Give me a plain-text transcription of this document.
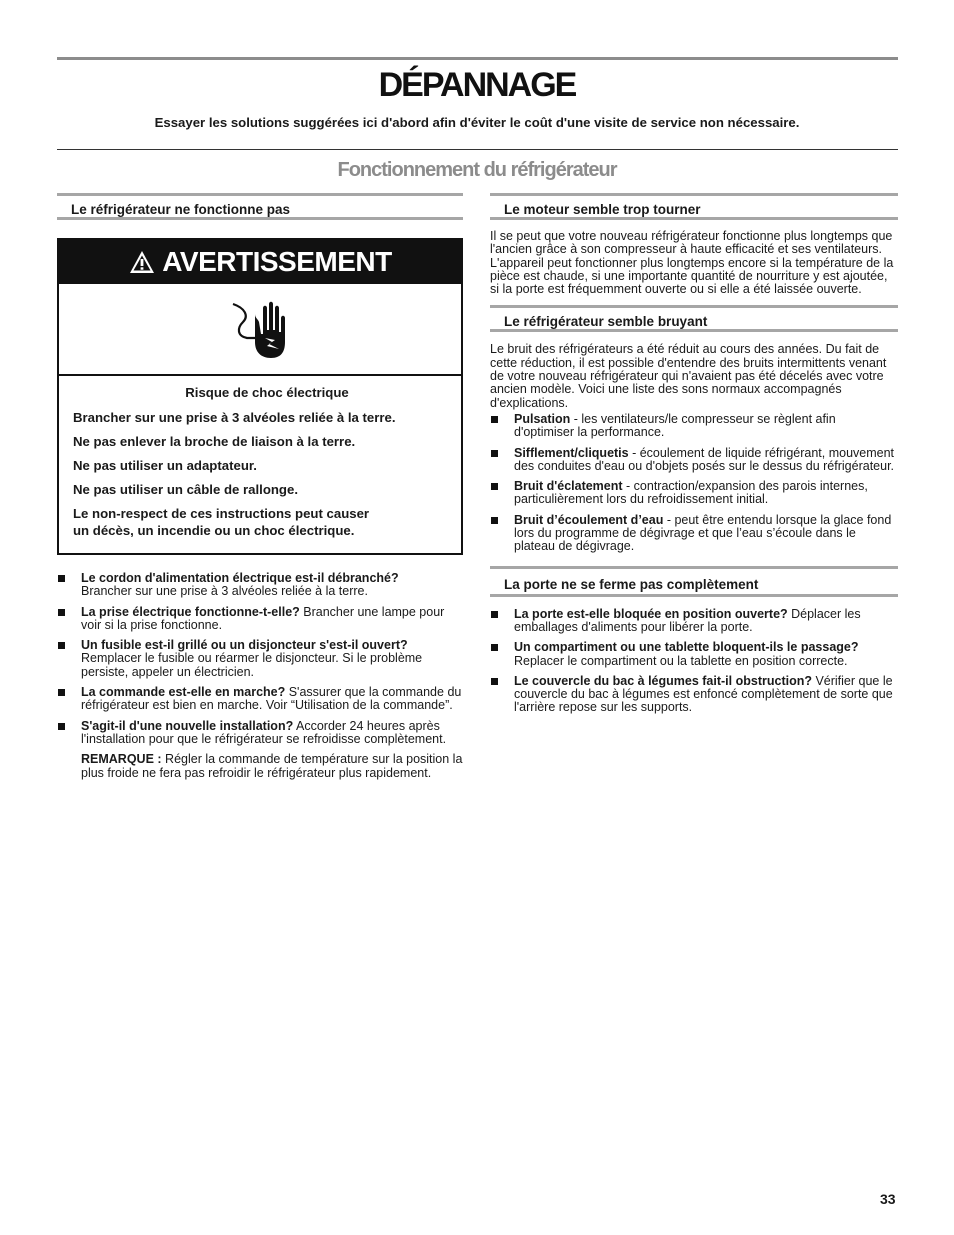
DÉPANNAGE
Essayer les solutions suggérées ici d'abord afin d'éviter le coût d'une visite de service non nécessaire.
Fonctionnement du réfrigérateur
Le réfrigérateur ne fonctionne pas
AVERTISSEMENT
Risque de choc électrique

Brancher sur une prise à 3 alvéoles reliée à la terre.

Ne pas enlever la broche de liaison à la terre.

Ne pas utiliser un adaptateur.

Ne pas utiliser un câble de rallonge.

Le non-respect de ces instructions peut causer
un décès, un incendie ou un choc électrique.

Le cordon d'alimentation électrique est-il débranché?
Brancher sur une prise à 3 alvéoles reliée à la terre.
La prise électrique fonctionne-t-elle? Brancher une lampe pour voir si la prise fonctionne.
Un fusible est-il grillé ou un disjoncteur s'est-il ouvert?
Remplacer le fusible ou réarmer le disjoncteur. Si le problème persiste, appeler un électricien.
La commande est-elle en marche? S'assurer que la commande du réfrigérateur est bien en marche. Voir “Utilisation de la commande”.
S'agit-il d'une nouvelle installation? Accorder 24 heures après l'installation pour que le réfrigérateur se refroidisse complètement.
REMARQUE : Régler la commande de température sur la position la plus froide ne fera pas refroidir le réfrigérateur plus rapidement.
Le moteur semble trop tourner
Il se peut que votre nouveau réfrigérateur fonctionne plus longtemps que l'ancien grâce à son compresseur à haute efficacité et ses ventilateurs. L'appareil peut fonctionner plus longtemps encore si la température de la pièce est chaude, si une importante quantité de nourriture y est ajoutée, si la porte est fréquemment ouverte ou si elle a été laissée ouverte.
Le réfrigérateur semble bruyant
Le bruit des réfrigérateurs a été réduit au cours des années. Du fait de cette réduction, il est possible d'entendre des bruits intermittents venant de votre nouveau réfrigérateur qui n'avaient pas été décelés avec votre ancien modèle. Voici une liste des sons normaux accompagnés d'explications.
Pulsation - les ventilateurs/le compresseur se règlent afin d'optimiser la performance.
Sifflement/cliquetis - écoulement de liquide réfrigérant, mouvement des conduites d'eau ou d'objets posés sur le dessus du réfrigérateur.
Bruit d'éclatement - contraction/expansion des parois internes, particulièrement lors du refroidissement initial.
Bruit d’écoulement d’eau - peut être entendu lorsque la glace fond lors du programme de dégivrage et que l’eau s’écoule dans le plateau de dégivrage.
La porte ne se ferme pas complètement
La porte est-elle bloquée en position ouverte? Déplacer les emballages d'aliments pour libérer la porte.
Un compartiment ou une tablette bloquent-ils le passage?
Replacer le compartiment ou la tablette en position correcte.
Le couvercle du bac à légumes fait-il obstruction? Vérifier que le couvercle du bac à légumes est enfoncé complètement de sorte que l'arrière repose sur les supports.
33
